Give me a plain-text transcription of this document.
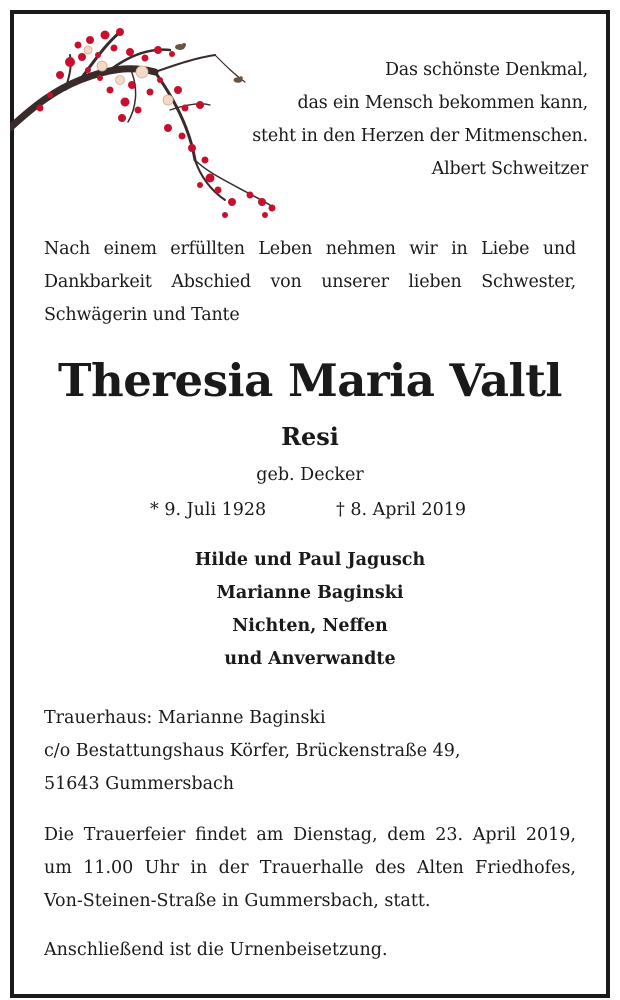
Das schönste Denkmal,
das ein Mensch bekommen kann,
steht in den Herzen der Mitmenschen.
Albert Schweitzer
Nach einem erfüllten Leben nehmen wir in Liebe und
Dankbarkeit Abschied von unserer lieben Schwester,
Schwägerin und Tante
Theresia Maria Valtl
Resi
geb. Decker
* 9. Juli 1928	† 8. April 2019
Hilde und Paul Jagusch
Marianne Baginski
Nichten, Neffen
und Anverwandte
Trauerhaus: Marianne Baginski
c/o Bestattungshaus Körfer, Brückenstraße 49,
51643 Gummersbach
Die Trauerfeier findet am Dienstag, dem 23. April 2019,
um 11.00 Uhr in der Trauerhalle des Alten Friedhofes,
Von-Steinen-Straße in Gummersbach, statt.
Anschließend ist die Urnenbeisetzung.
